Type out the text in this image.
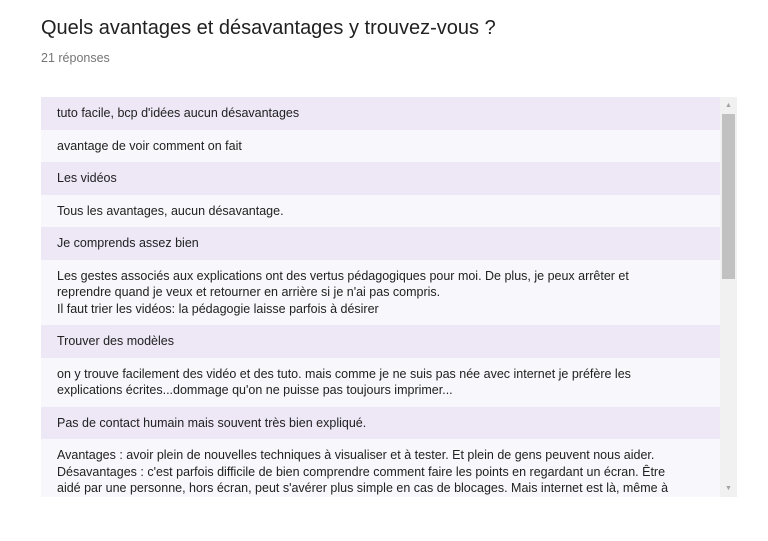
Quels avantages et désavantages y trouvez-vous ?
21 réponses
tuto facile, bcp d'idées aucun désavantages
avantage de voir comment on fait
Les vidéos
Tous les avantages, aucun désavantage.
Je comprends assez bien
Les gestes associés aux explications ont des vertus pédagogiques pour moi. De plus, je peux arrêter et
reprendre quand je veux et retourner en arrière si je n'ai pas compris.
Il faut trier les vidéos: la pédagogie laisse parfois à désirer
Trouver des modèles
on y trouve facilement des vidéo et des tuto. mais comme je ne suis pas née avec internet je préfère les
explications écrites...dommage qu'on ne puisse pas toujours imprimer...
Pas de contact humain mais souvent très bien expliqué.
Avantages : avoir plein de nouvelles techniques à visualiser et à tester. Et plein de gens peuvent nous aider.
Désavantages : c'est parfois difficile de bien comprendre comment faire les points en regardant un écran. Être
aidé par une personne, hors écran, peut s'avérer plus simple en cas de blocages. Mais internet est là, même à
▲
▼
